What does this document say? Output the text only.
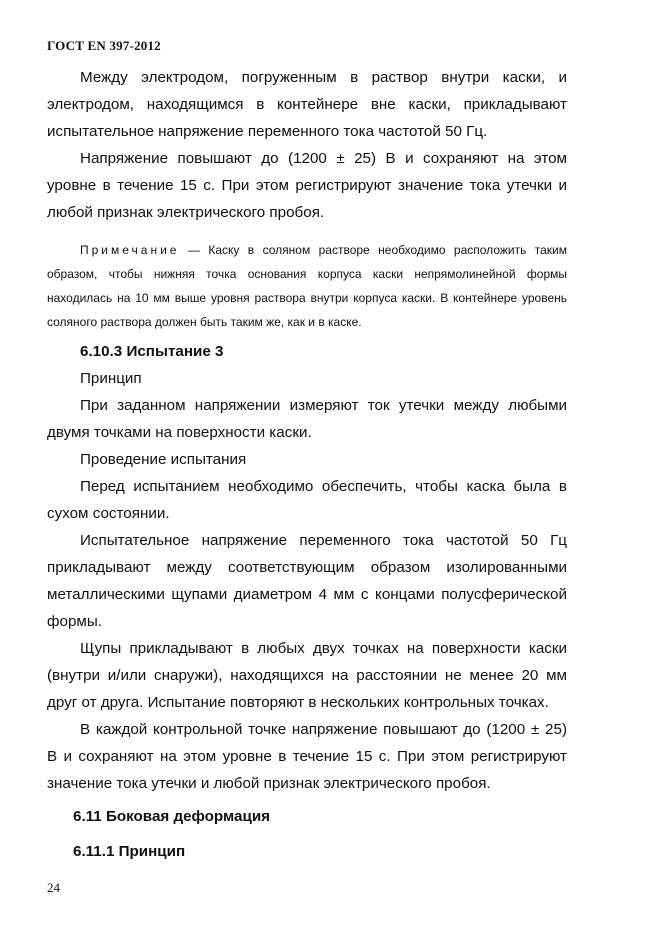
ГОСТ EN 397-2012

Между электродом, погруженным в раствор внутри каски, и электродом, находящимся в контейнере вне каски, прикладывают испытательное напряжение переменного тока частотой 50 Гц.

Напряжение повышают до (1200 ± 25) В и сохраняют на этом уровне в течение 15 с. При этом регистрируют значение тока утечки и любой признак электрического пробоя.

Примечание — Каску в соляном растворе необходимо расположить таким образом, чтобы нижняя точка основания корпуса каски непрямолинейной формы находилась на 10 мм выше уровня раствора внутри корпуса каски. В контейнере уровень соляного раствора должен быть таким же, как и в каске.

6.10.3 Испытание 3

Принцип

При заданном напряжении измеряют ток утечки между любыми двумя точками на поверхности каски.

Проведение испытания

Перед испытанием необходимо обеспечить, чтобы каска была в сухом состоянии.

Испытательное напряжение переменного тока частотой 50 Гц прикладывают между соответствующим образом изолированными металлическими щупами диаметром 4 мм с концами полусферической формы.

Щупы прикладывают в любых двух точках на поверхности каски (внутри и/или снаружи), находящихся на расстоянии не менее 20 мм друг от друга. Испытание повторяют в нескольких контрольных точках.

В каждой контрольной точке напряжение повышают до (1200 ± 25) В и сохраняют на этом уровне в течение 15 с. При этом регистрируют значение тока утечки и любой признак электрического пробоя.

6.11 Боковая деформация

6.11.1 Принцип

24
